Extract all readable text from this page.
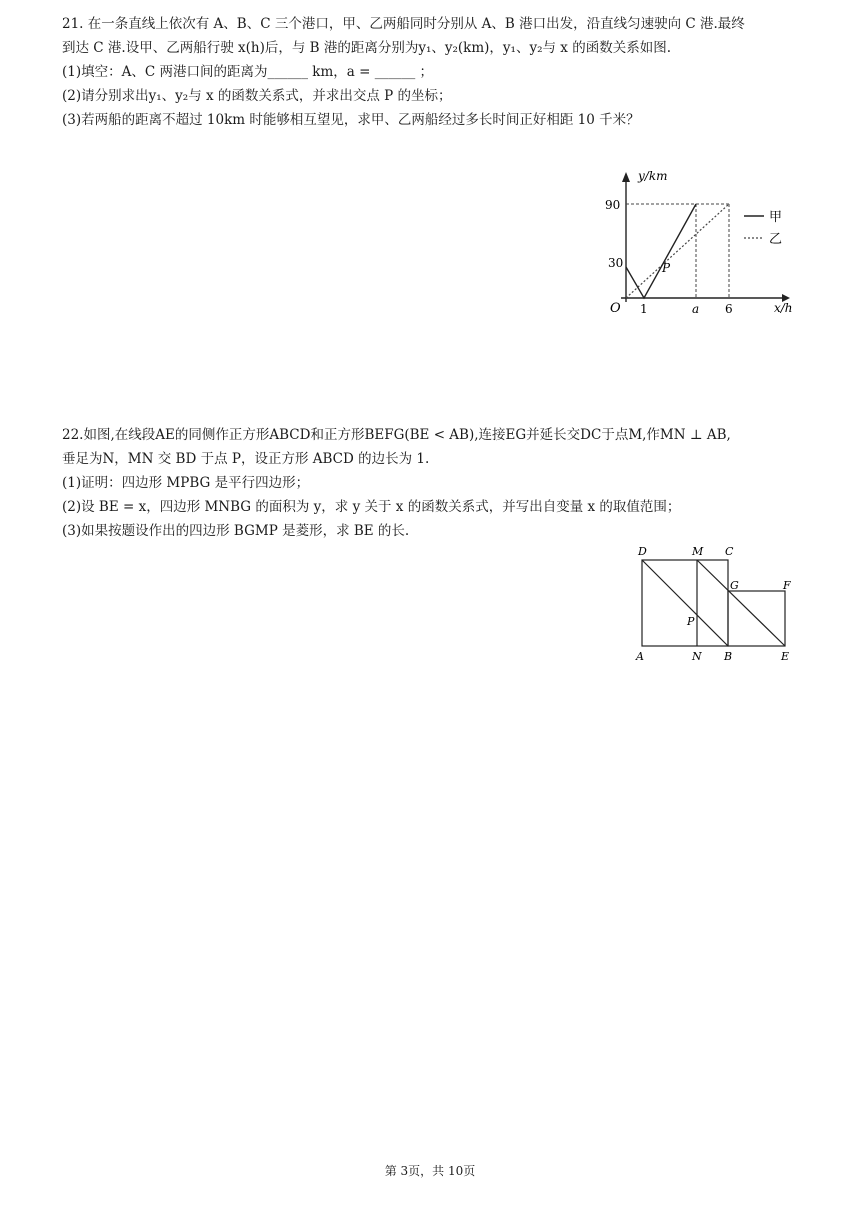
21. 在一条直线上依次有 A、B、C 三个港口，甲、乙两船同时分别从 A、B 港口出发，沿直线匀速驶向 C 港.最终

到达 C 港.设甲、乙两船行驶 x(h)后，与 B 港的距离分别为y₁、y₂(km)，y₁、y₂与 x 的函数关系如图.

(1)填空：A、C 两港口间的距离为______ km，a = ______ ；

(2)请分别求出y₁、y₂与 x 的函数关系式，并求出交点 P 的坐标；

(3)若两船的距离不超过 10km 时能够相互望见，求甲、乙两船经过多长时间正好相距 10 千米？

y/km
x/h
O
90
30
1	a 6
P
甲
乙

22.如图,在线段AE的同侧作正方形ABCD和正方形BEFG(BE < AB),连接EG并延长交DC于点M,作MN ⊥ AB,

垂足为N，MN 交 BD 于点 P，设正方形 ABCD 的边长为 1.

(1)证明：四边形 MPBG 是平行四边形；

(2)设 BE = x，四边形 MNBG 的面积为 y，求 y 关于 x 的函数关系式，并写出自变量 x 的取值范围；

(3)如果按题设作出的四边形 BGMP 是菱形，求 BE 的长.

D	M C
G	F
P
A	N B	E
第 3页，共 10页
